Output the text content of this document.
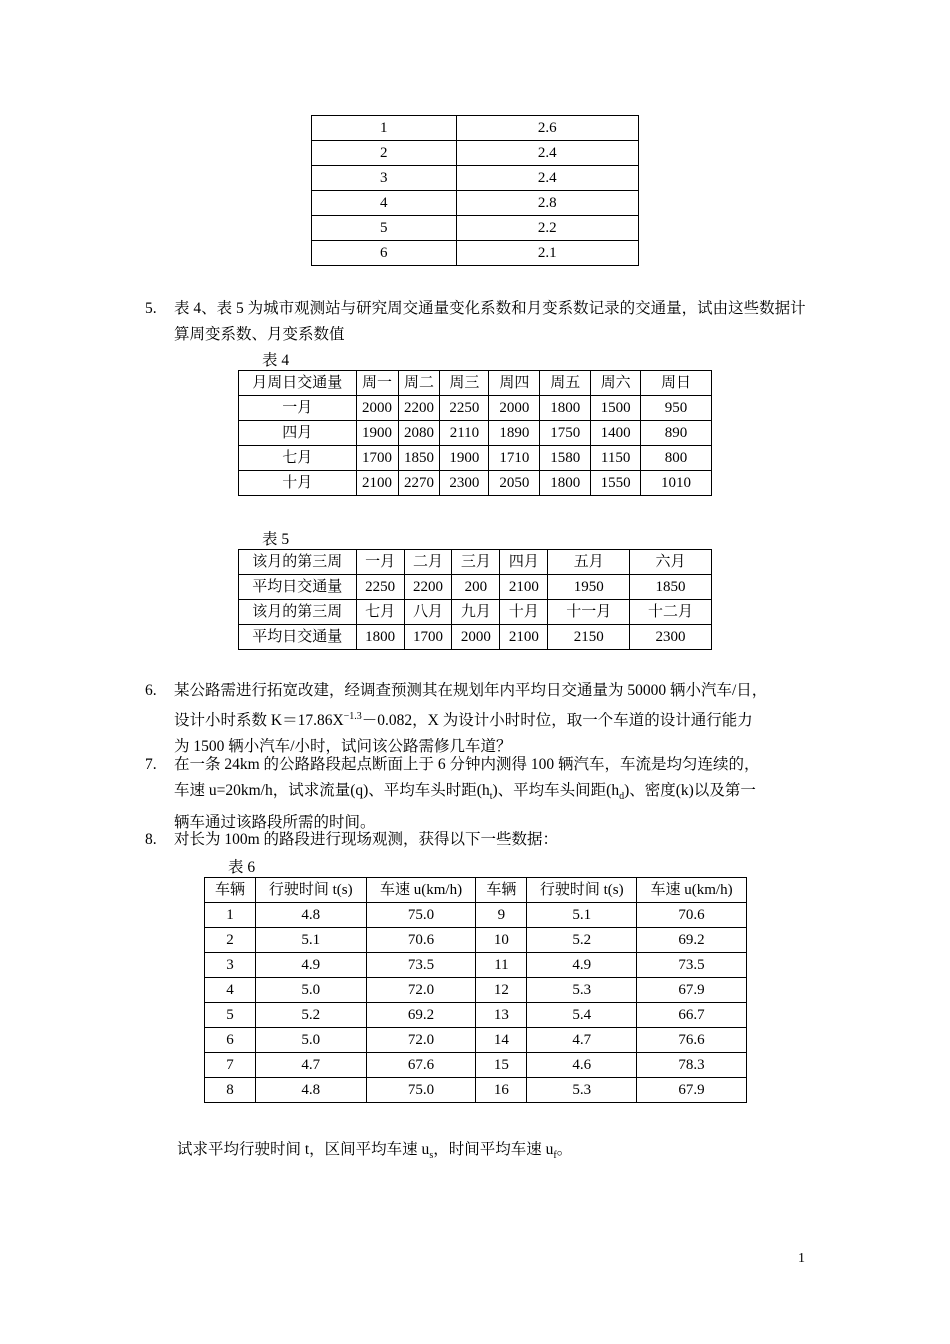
1	2.6
2	2.4
3	2.4
4	2.8
5	2.2
6	2.1
5.	表 4、表 5 为城市观测站与研究周交通量变化系数和月变系数记录的交通量，试由这些数据计算周变系数、月变系数值
表 4
月周日交通量	周一	周二	周三	周四	周五	周六	周日
一月	2000	2200	2250	2000	1800	1500	950
四月	1900	2080	2110	1890	1750	1400	890
七月	1700	1850	1900	1710	1580	1150	800
十月	2100	2270	2300	2050	1800	1550	1010
表 5
该月的第三周	一月	二月	三月	四月	五月	六月
平均日交通量	2250	2200	200	2100	1950	1850
该月的第三周	七月	八月	九月	十月	十一月	十二月
平均日交通量	1800	1700	2000	2100	2150	2300
6.	某公路需进行拓宽改建，经调查预测其在规划年内平均日交通量为 50000 辆小汽车/日，
设计小时系数 $K=17.86X^{-1.3}-0.082$，X 为设计小时时位，取一个车道的设计通行能力
为 1500 辆小汽车/小时，试问该公路需修几车道？
7.	在一条 24km 的公路路段起点断面上于 6 分钟内测得 100 辆汽车，车流是均匀连续的，
车速 u=20km/h，试求流量(q)、平均车头时距$(h_t)$、平均车头间距$(h_d)$、密度(k)以及第一
辆车通过该路段所需的时间。
8.	对长为 100m 的路段进行现场观测，获得以下一些数据：
表 6
车辆	行驶时间 t(s)	车速 u(km/h)	车辆	行驶时间 t(s)	车速 u(km/h)
1	4.8	75.0	9	5.1	70.6
2	5.1	70.6	10	5.2	69.2
3	4.9	73.5	11	4.9	73.5
4	5.0	72.0	12	5.3	67.9
5	5.2	69.2	13	5.4	66.7
6	5.0	72.0	14	4.7	76.6
7	4.7	67.6	15	4.6	78.3
8	4.8	75.0	16	5.3	67.9
试求平均行驶时间 t，区间平均车速 $u_s$，时间平均车速 $u_f$。
1
